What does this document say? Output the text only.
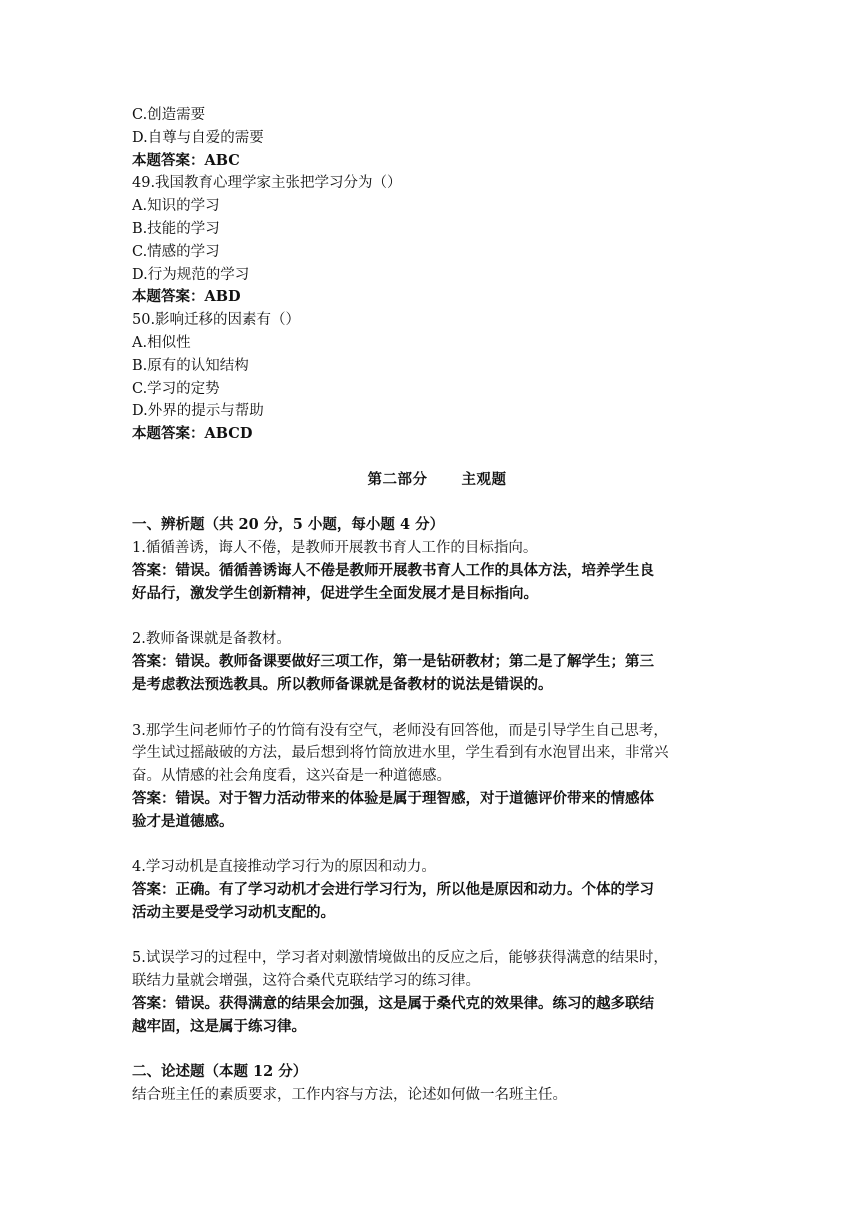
C.创造需要
D.自尊与自爱的需要
本题答案：ABC
49.我国教育心理学家主张把学习分为（）
A.知识的学习
B.技能的学习
C.情感的学习
D.行为规范的学习
本题答案：ABD
50.影响迁移的因素有（）
A.相似性
B.原有的认知结构
C.学习的定势
D.外界的提示与帮助
本题答案：ABCD
第二部分 主观题
一、辨析题（共 20 分，5 小题，每小题 4 分）
1.循循善诱，诲人不倦，是教师开展教书育人工作的目标指向。
答案：错误。循循善诱诲人不倦是教师开展教书育人工作的具体方法，培养学生良
好品行，激发学生创新精神，促进学生全面发展才是目标指向。
2.教师备课就是备教材。
答案：错误。教师备课要做好三项工作，第一是钻研教材；第二是了解学生；第三
是考虑教法预选教具。所以教师备课就是备教材的说法是错误的。
3.那学生问老师竹子的竹筒有没有空气，老师没有回答他，而是引导学生自己思考，
学生试过摇敲破的方法，最后想到将竹筒放进水里，学生看到有水泡冒出来，非常兴
奋。从情感的社会角度看，这兴奋是一种道德感。
答案：错误。对于智力活动带来的体验是属于理智感，对于道德评价带来的情感体
验才是道德感。
4.学习动机是直接推动学习行为的原因和动力。
答案：正确。有了学习动机才会进行学习行为，所以他是原因和动力。个体的学习
活动主要是受学习动机支配的。
5.试误学习的过程中，学习者对刺激情境做出的反应之后，能够获得满意的结果时，
联结力量就会增强，这符合桑代克联结学习的练习律。
答案：错误。获得满意的结果会加强，这是属于桑代克的效果律。练习的越多联结
越牢固，这是属于练习律。
二、论述题（本题 12 分）
结合班主任的素质要求，工作内容与方法，论述如何做一名班主任。
